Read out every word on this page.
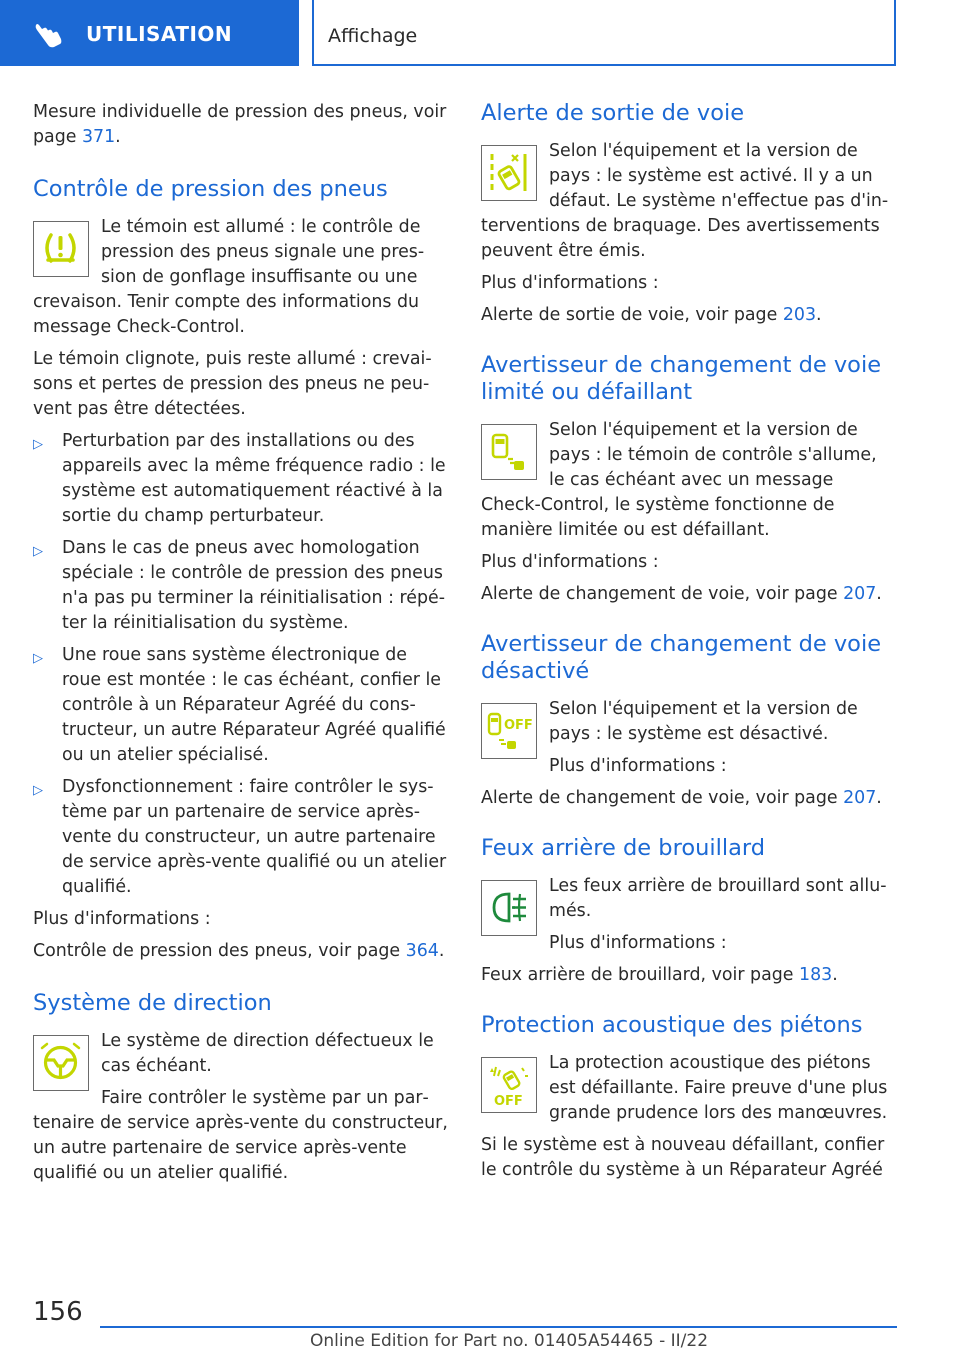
UTILISATION	Affichage

Mesure individuelle de pression des pneus, voir page 371.

Contrôle de pression des pneus

Le témoin est allumé : le contrôle de pression des pneus signale une pression de gonflage insuffisante ou une crevaison. Tenir compte des informations du message Check-Control.

Le témoin clignote, puis reste allumé : crevaisons et pertes de pression des pneus ne peuvent pas être détectées.

▷ Perturbation par des installations ou des appareils avec la même fréquence radio : le système est automatiquement réactivé à la sortie du champ perturbateur.
▷ Dans le cas de pneus avec homologation spéciale : le contrôle de pression des pneus n'a pas pu terminer la réinitialisation : répéter la réinitialisation du système.
▷ Une roue sans système électronique de roue est montée : le cas échéant, confier le contrôle à un Réparateur Agréé du constructeur, un autre Réparateur Agréé qualifié ou un atelier spécialisé.
▷ Dysfonctionnement : faire contrôler le système par un partenaire de service après-vente du constructeur, un autre partenaire de service après-vente qualifié ou un atelier qualifié.

Plus d'informations :

Contrôle de pression des pneus, voir page 364.

Système de direction

Le système de direction défectueux le cas échéant.

Faire contrôler le système par un partenaire de service après-vente du constructeur, un autre partenaire de service après-vente qualifié ou un atelier qualifié.

Alerte de sortie de voie

Selon l'équipement et la version de pays : le système est activé. Il y a un défaut. Le système n'effectue pas d'interventions de braquage. Des avertissements peuvent être émis.

Plus d'informations :

Alerte de sortie de voie, voir page 203.

Avertisseur de changement de voie limité ou défaillant

Selon l'équipement et la version de pays : le témoin de contrôle s'allume, le cas échéant avec un message Check-Control, le système fonctionne de manière limitée ou est défaillant.

Plus d'informations :

Alerte de changement de voie, voir page 207.

Avertisseur de changement de voie désactivé
OFF

Selon l'équipement et la version de pays : le système est désactivé.

Plus d'informations :

Alerte de changement de voie, voir page 207.

Feux arrière de brouillard

Les feux arrière de brouillard sont allumés.

Plus d'informations :

Feux arrière de brouillard, voir page 183.

Protection acoustique des piétons
OFF

La protection acoustique des piétons est défaillante. Faire preuve d'une plus grande prudence lors des manœuvres.

Si le système est à nouveau défaillant, confier le contrôle du système à un Réparateur Agréé

156
Online Edition for Part no. 01405A54465 - II/22
